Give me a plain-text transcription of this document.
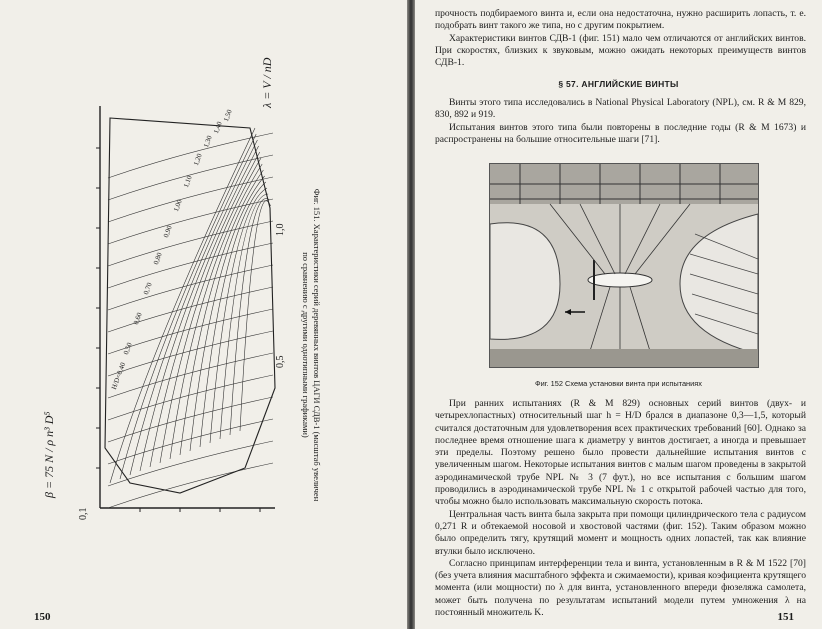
β = 75 N / ρ n³ D⁵
λ = V / nD
0,5
1,0
0,1
H/D=0,40
0,50
0,60
0,70
0,80
0,90
1,00
1,10
1,20
1,30
1,40
1,50
Фиг. 151. Характеристики серий деревянных винтов ЦАГИ СДВ-1 (масштаб увеличен
по сравнению с другими однотипными графиками)
150

прочность подбираемого винта и, если она недостаточна, нужно расширить лопасть, т. е. подобрать винт такого же типа, но с другим покрытием.

Характеристики винтов СДВ-1 (фиг. 151) мало чем отличаются от английских винтов. При скоростях, близких к звуковым, можно ожидать некоторых преимуществ винтов СДВ-1.

§ 57. АНГЛИЙСКИЕ ВИНТЫ

Винты этого типа исследовались в National Physical Laboratory (NPL), см. R & M 829, 830, 892 и 919.

Испытания винтов этого типа были повторены в последние годы (R & M 1673) и распространены на большие относительные шаги [71].

Фиг. 152 Схема установки винта при испытаниях

При ранних испытаниях (R & M 829) основных серий винтов (двух- и четырехлопастных) относительный шаг h = H/D брался в диапазоне 0,3—1,5, который считался достаточным для удовлетворения всех практических требований [60]. Однако за последнее время отношение шага к диаметру у винтов достигает, а иногда и превышает эти пределы. Поэтому решено было провести дальнейшие испытания винтов с увеличенным шагом. Некоторые испытания винтов с малым шагом проведены в закрытой аэродинамической трубе NPL № 3 (7 фут.), но все испытания с большим шагом проводились в аэродинамической трубе NPL № 1 с открытой рабочей частью для того, чтобы можно было использовать максимальную скорость потока.

Центральная часть винта была закрыта при помощи цилиндрического тела с радиусом 0,271 R и обтекаемой носовой и хвостовой частями (фиг. 152). Таким образом можно было определить тягу, крутящий момент и мощность одних лопастей, так как влияние втулки было исключено.

Согласно принципам интерференции тела и винта, установленным в R & M 1522 [70] (без учета влияния масштабного эффекта и сжимаемости), кривая коэфициента крутящего момента (или мощности) по λ для винта, установленного впереди фюзеляжа самолета, может быть получена по результатам испытаний модели путем умножения λ на постоянный множитель K.	151
